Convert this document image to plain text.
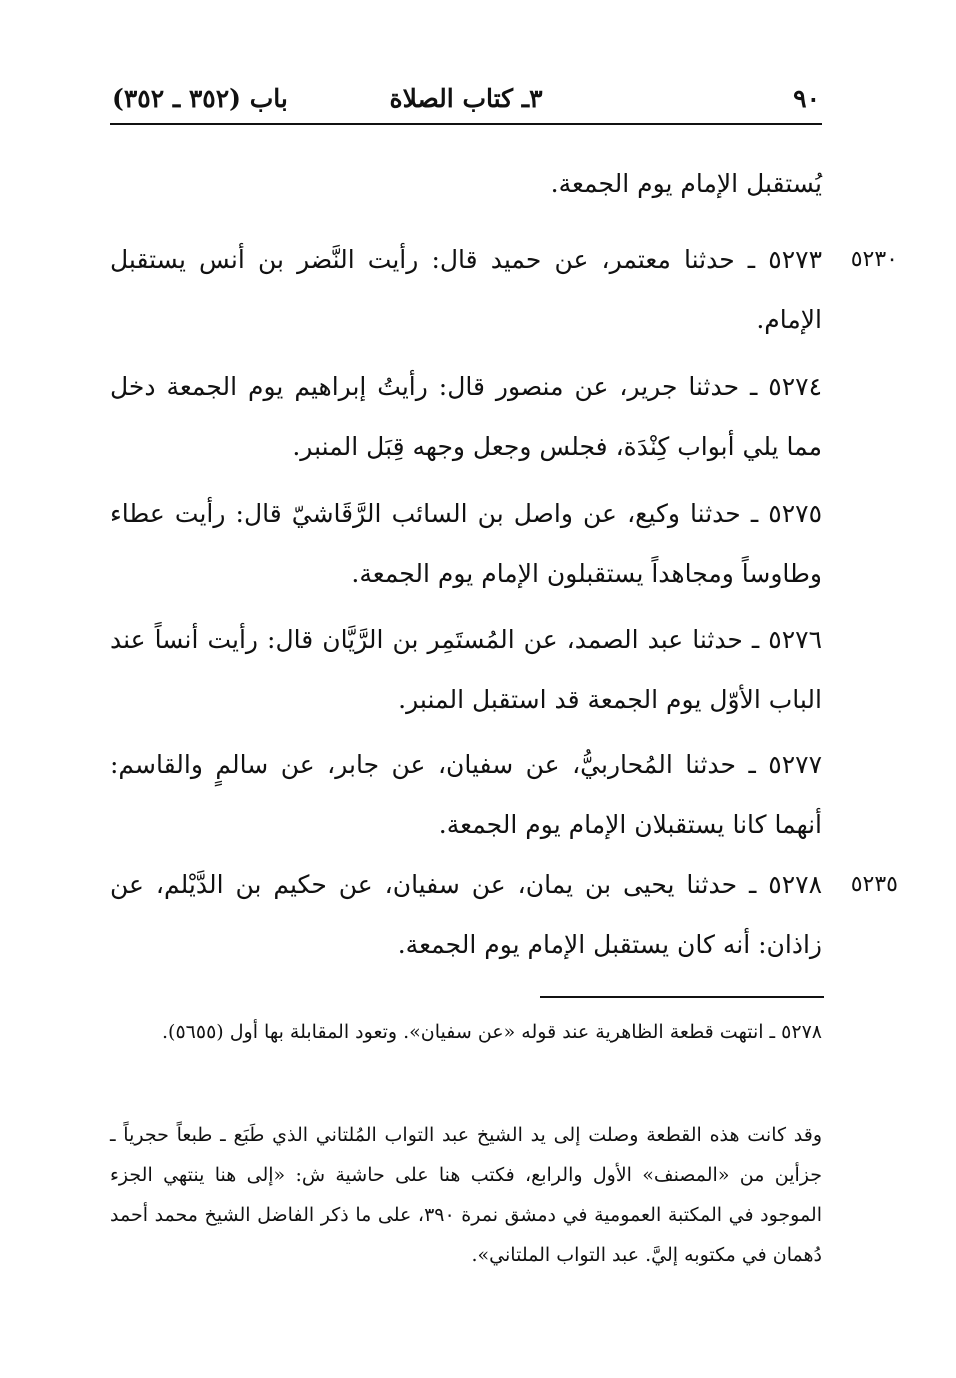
٩٠
٣ـ كتاب الصلاة
باب (٣٥٢ ـ ٣٥٢)
يُستقبل الإمام يوم الجمعة.
٥٢٣٠
٥٢٧٣ ـ حدثنا معتمر، عن حميد قال: رأيت النَّضر بن أنس يستقبل الإمام.
٥٢٧٤ ـ حدثنا جرير، عن منصور قال: رأيتُ إبراهيم يوم الجمعة دخل مما يلي أبواب كِنْدَة، فجلس وجعل وجهه قِبَل المنبر.
٥٢٧٥ ـ حدثنا وكيع، عن واصل بن السائب الرَّقَاشيّ قال: رأيت عطاء وطاوساً ومجاهداً يستقبلون الإمام يوم الجمعة.
٥٢٧٦ ـ حدثنا عبد الصمد، عن المُستَمِر بن الرَّيَّان قال: رأيت أنساً عند الباب الأوّل يوم الجمعة قد استقبل المنبر.
٥٢٧٧ ـ حدثنا المُحاربيُّ، عن سفيان، عن جابر، عن سالمٍ والقاسم: أنهما كانا يستقبلان الإمام يوم الجمعة.
٥٢٣٥
٥٢٧٨ ـ حدثنا يحيى بن يمان، عن سفيان، عن حكيم بن الدَّيْلم، عن زاذان: أنه كان يستقبل الإمام يوم الجمعة.
٥٢٧٨ ـ انتهت قطعة الظاهرية عند قوله «عن سفيان». وتعود المقابلة بها أول (٥٦٥٥).
وقد كانت هذه القطعة وصلت إلى يد الشيخ عبد التواب المُلتاني الذي طَبَع ـ طبعاً حجرياً ـ جزأين من «المصنف» الأول والرابع، فكتب هنا على حاشية ش: «إلى هنا ينتهي الجزء الموجود في المكتبة العمومية في دمشق نمرة ٣٩٠، على ما ذكر الفاضل الشيخ محمد أحمد دُهمان في مكتوبه إليَّ. عبد التواب الملتاني».
